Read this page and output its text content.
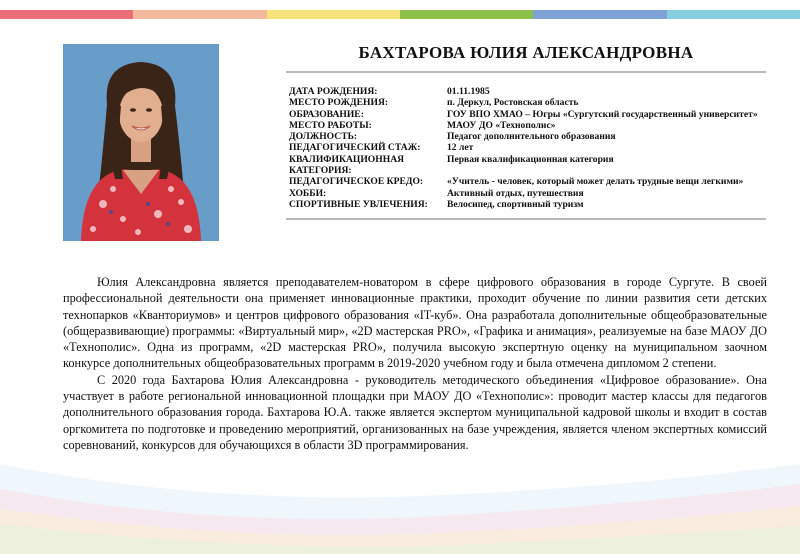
БАХТАРОВА ЮЛИЯ АЛЕКСАНДРОВНА
ДАТА РОЖДЕНИЯ:	01.11.1985
МЕСТО РОЖДЕНИЯ:	п. Деркул, Ростовская область
ОБРАЗОВАНИЕ:	ГОУ ВПО ХМАО – Югры «Сургутский государственный университет»
МЕСТО РАБОТЫ:	МАОУ ДО «Технополис»
ДОЛЖНОСТЬ:	Педагог дополнительного образования
ПЕДАГОГИЧЕСКИЙ СТАЖ:	12 лет
КВАЛИФИКАЦИОННАЯ	Первая квалификационная категория
КАТЕГОРИЯ:
ПЕДАГОГИЧЕСКОЕ КРЕДО:	«Учитель - человек, который может делать трудные вещи легкими»
ХОББИ:	Активный отдых, путешествия
СПОРТИВНЫЕ УВЛЕЧЕНИЯ:	Велосипед, спортивный туризм

Юлия Александровна является преподавателем-новатором в сфере цифрового образования в городе Сургуте. В своей профессиональной деятельности она применяет инновационные практики, проходит обучение по линии развития сети детских технопарков «Кванториумов» и центров цифрового образования «IT-куб». Она разработала дополнительные общеобразовательные (общеразвивающие) программы: «Виртуальный мир», «2D мастерская PRO», «Графика и анимация», реализуемые на базе МАОУ ДО «Технополис». Одна из программ, «2D мастерская PRO», получила высокую экспертную оценку на муниципальном заочном конкурсе дополнительных общеобразовательных программ в 2019-2020 учебном году и была отмечена дипломом 2 степени.

С 2020 года Бахтарова Юлия Александровна - руководитель методического объединения «Цифровое образование». Она участвует в работе региональной инновационной площадки при МАОУ ДО «Технополис»: проводит мастер классы для педагогов дополнительного образования города. Бахтарова Ю.А. также является экспертом муниципальной кадровой школы и входит в состав оргкомитета по подготовке и проведению мероприятий, организованных на базе учреждения, является членом экспертных комиссий соревнований, конкурсов для обучающихся в области 3D программирования.
